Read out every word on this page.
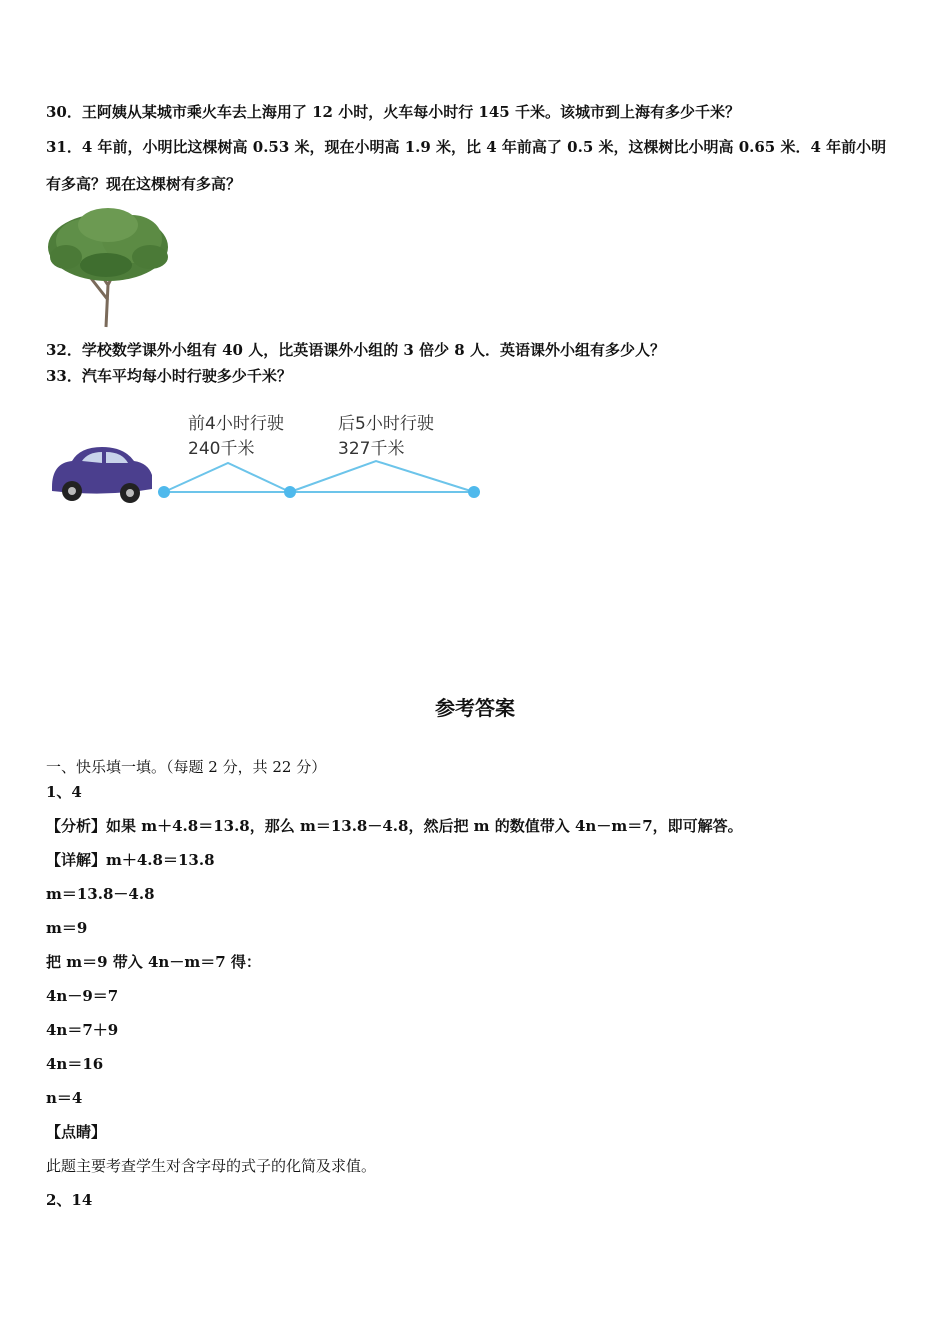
30．王阿姨从某城市乘火车去上海用了 12 小时，火车每小时行 145 千米。该城市到上海有多少千米？
31．4 年前，小明比这棵树高 0.53 米，现在小明高 1.9 米，比 4 年前高了 0.5 米，这棵树比小明高 0.65 米．4 年前小明
有多高？现在这棵树有多高？
32．学校数学课外小组有 40 人，比英语课外小组的 3 倍少 8 人．英语课外小组有多少人？
33．汽车平均每小时行驶多少千米？
前4小时行驶
240千米
后5小时行驶
327千米
参考答案
一、快乐填一填。（每题 2 分，共 22 分）
1、4
【分析】如果 m＋4.8＝13.8，那么 m＝13.8－4.8，然后把 m 的数值带入 4n－m＝7，即可解答。
【详解】m＋4.8＝13.8
m＝13.8－4.8
m＝9
把 m＝9 带入 4n－m＝7 得：
4n－9＝7
4n＝7＋9
4n＝16
n＝4
【点睛】
此题主要考查学生对含字母的式子的化简及求值。
2、14
